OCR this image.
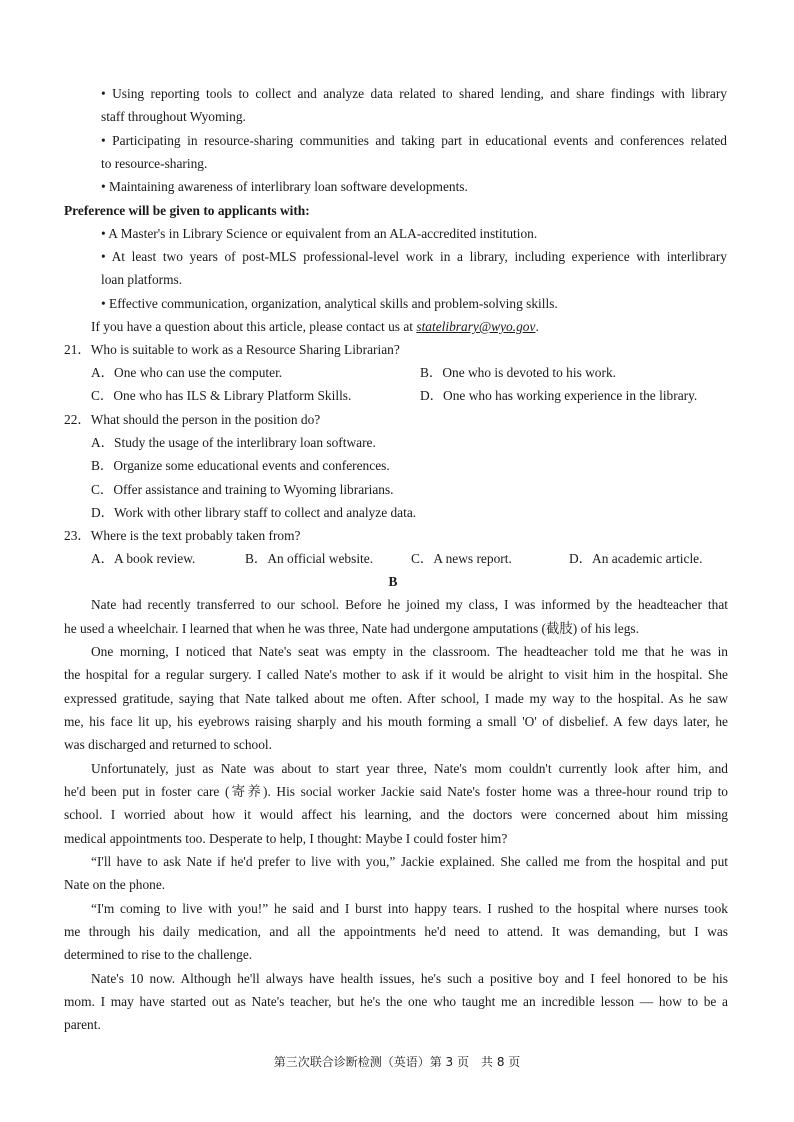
• Using reporting tools to collect and analyze data related to shared lending, and share findings with library
staff throughout Wyoming.
• Participating in resource-sharing communities and taking part in educational events and conferences related
to resource-sharing.
• Maintaining awareness of interlibrary loan software developments.
Preference will be given to applicants with:
• A Master's in Library Science or equivalent from an ALA-accredited institution.
• At least two years of post-MLS professional-level work in a library, including experience with interlibrary
loan platforms.
• Effective communication, organization, analytical skills and problem-solving skills.
If you have a question about this article, please contact us at statelibrary@wyo.gov.
21．Who is suitable to work as a Resource Sharing Librarian?
A．One who can use the computer.	B．One who is devoted to his work.
C．One who has ILS & Library Platform Skills.	D．One who has working experience in the library.
22．What should the person in the position do?
A．Study the usage of the interlibrary loan software.
B．Organize some educational events and conferences.
C．Offer assistance and training to Wyoming librarians.
D．Work with other library staff to collect and analyze data.
23．Where is the text probably taken from?
A．A book review.	B．An official website.	C．A news report.	D．An academic article.
B
Nate had recently transferred to our school. Before he joined my class, I was informed by the headteacher that
he used a wheelchair. I learned that when he was three, Nate had undergone amputations (截肢) of his legs.
One morning, I noticed that Nate's seat was empty in the classroom. The headteacher told me that he was in
the hospital for a regular surgery. I called Nate's mother to ask if it would be alright to visit him in the hospital. She
expressed gratitude, saying that Nate talked about me often. After school, I made my way to the hospital. As he saw
me, his face lit up, his eyebrows raising sharply and his mouth forming a small 'O' of disbelief. A few days later, he
was discharged and returned to school.
Unfortunately, just as Nate was about to start year three, Nate's mom couldn't currently look after him, and
he'd been put in foster care (寄养). His social worker Jackie said Nate's foster home was a three-hour round trip to
school. I worried about how it would affect his learning, and the doctors were concerned about him missing
medical appointments too. Desperate to help, I thought: Maybe I could foster him?
“I'll have to ask Nate if he'd prefer to live with you,” Jackie explained. She called me from the hospital and put
Nate on the phone.
“I'm coming to live with you!” he said and I burst into happy tears. I rushed to the hospital where nurses took
me through his daily medication, and all the appointments he'd need to attend. It was demanding, but I was
determined to rise to the challenge.
Nate's 10 now. Although he'll always have health issues, he's such a positive boy and I feel honored to be his
mom. I may have started out as Nate's teacher, but he's the one who taught me an incredible lesson — how to be a
parent.
第三次联合诊断检测（英语）第 3 页　共 8 页
